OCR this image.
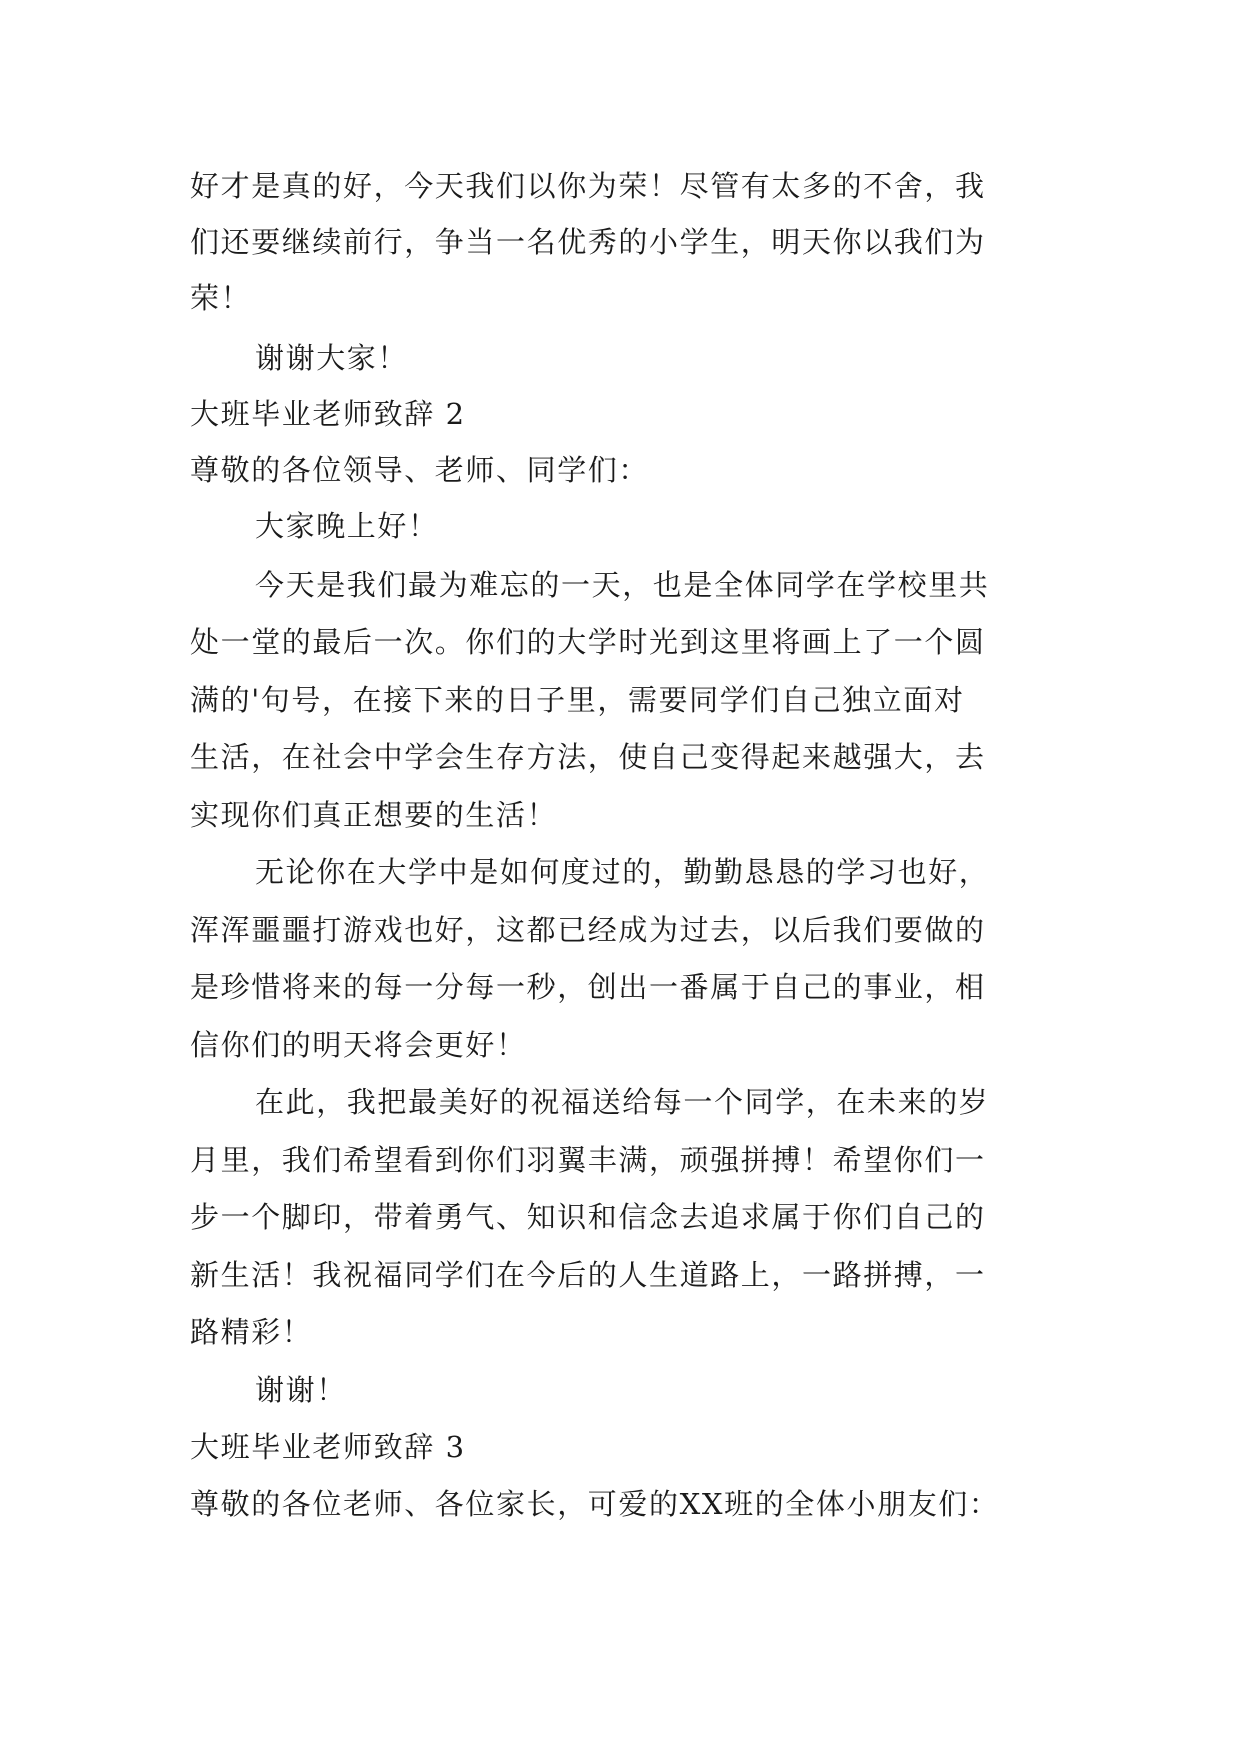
好才是真的好，今天我们以你为荣！尽管有太多的不舍，我
们还要继续前行，争当一名优秀的小学生，明天你以我们为
荣！
谢谢大家！
大班毕业老师致辞 2
尊敬的各位领导、老师、同学们：
大家晚上好！
今天是我们最为难忘的一天，也是全体同学在学校里共
处一堂的最后一次。你们的大学时光到这里将画上了一个圆
满的'句号，在接下来的日子里，需要同学们自己独立面对
生活，在社会中学会生存方法，使自己变得起来越强大，去
实现你们真正想要的生活！
无论你在大学中是如何度过的，勤勤恳恳的学习也好，
浑浑噩噩打游戏也好，这都已经成为过去，以后我们要做的
是珍惜将来的每一分每一秒，创出一番属于自己的事业，相
信你们的明天将会更好！
在此，我把最美好的祝福送给每一个同学，在未来的岁
月里，我们希望看到你们羽翼丰满，顽强拼搏！希望你们一
步一个脚印，带着勇气、知识和信念去追求属于你们自己的
新生活！我祝福同学们在今后的人生道路上，一路拼搏，一
路精彩！
谢谢！
大班毕业老师致辞 3
尊敬的各位老师、各位家长，可爱的XX班的全体小朋友们：
